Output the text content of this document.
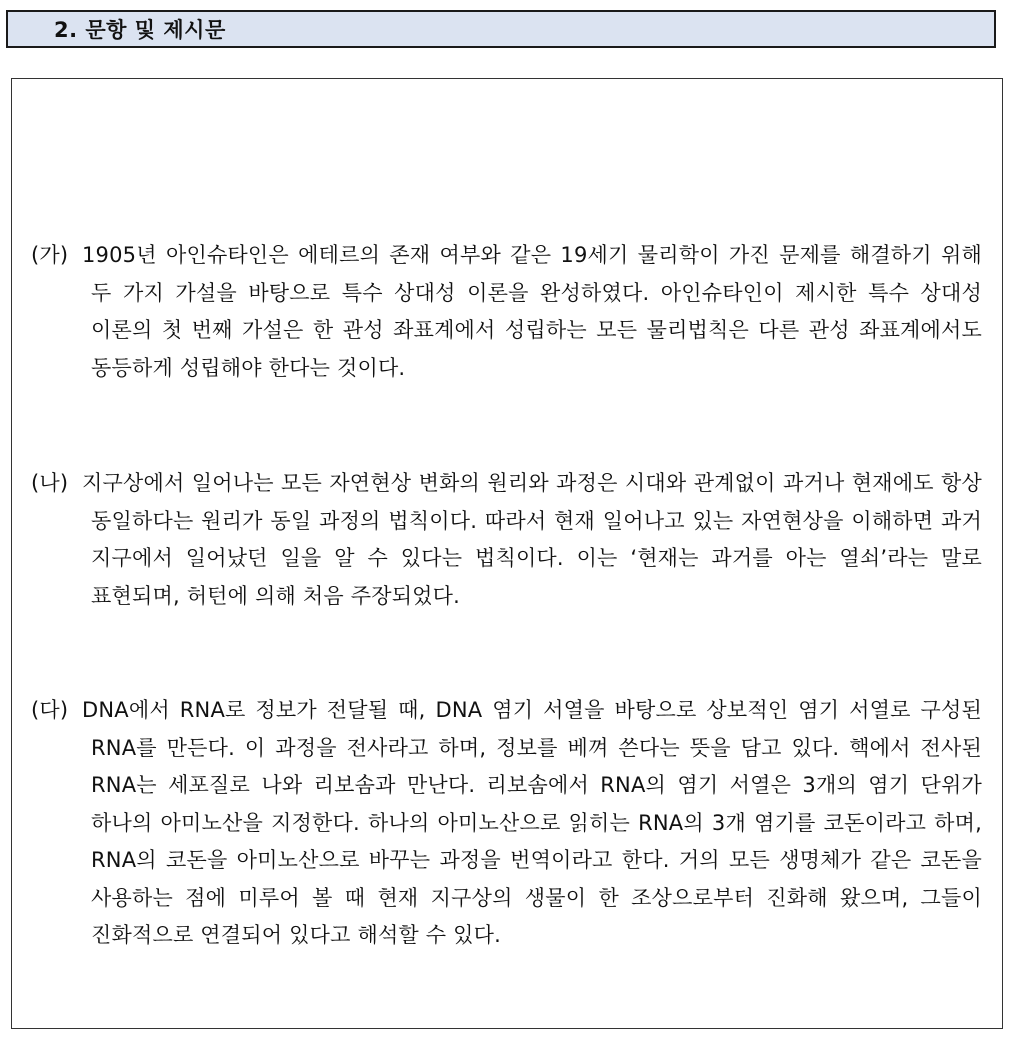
2. 문항 및 제시문
(가) 1905년 아인슈타인은 에테르의 존재 여부와 같은 19세기 물리학이 가진 문제를 해결하기 위해 두 가지 가설을 바탕으로 특수 상대성 이론을 완성하였다. 아인슈타인이 제시한 특수 상대성 이론의 첫 번째 가설은 한 관성 좌표계에서 성립하는 모든 물리법칙은 다른 관성 좌표계에서도 동등하게 성립해야 한다는 것이다.
(나) 지구상에서 일어나는 모든 자연현상 변화의 원리와 과정은 시대와 관계없이 과거나 현재에도 항상 동일하다는 원리가 동일 과정의 법칙이다. 따라서 현재 일어나고 있는 자연현상을 이해하면 과거 지구에서 일어났던 일을 알 수 있다는 법칙이다. 이는 ‘현재는 과거를 아는 열쇠’라는 말로 표현되며, 허턴에 의해 처음 주장되었다.
(다) DNA에서 RNA로 정보가 전달될 때, DNA 염기 서열을 바탕으로 상보적인 염기 서열로 구성된 RNA를 만든다. 이 과정을 전사라고 하며, 정보를 베껴 쓴다는 뜻을 담고 있다. 핵에서 전사된 RNA는 세포질로 나와 리보솜과 만난다. 리보솜에서 RNA의 염기 서열은 3개의 염기 단위가 하나의 아미노산을 지정한다. 하나의 아미노산으로 읽히는 RNA의 3개 염기를 코돈이라고 하며, RNA의 코돈을 아미노산으로 바꾸는 과정을 번역이라고 한다. 거의 모든 생명체가 같은 코돈을 사용하는 점에 미루어 볼 때 현재 지구상의 생물이 한 조상으로부터 진화해 왔으며, 그들이 진화적으로 연결되어 있다고 해석할 수 있다.
